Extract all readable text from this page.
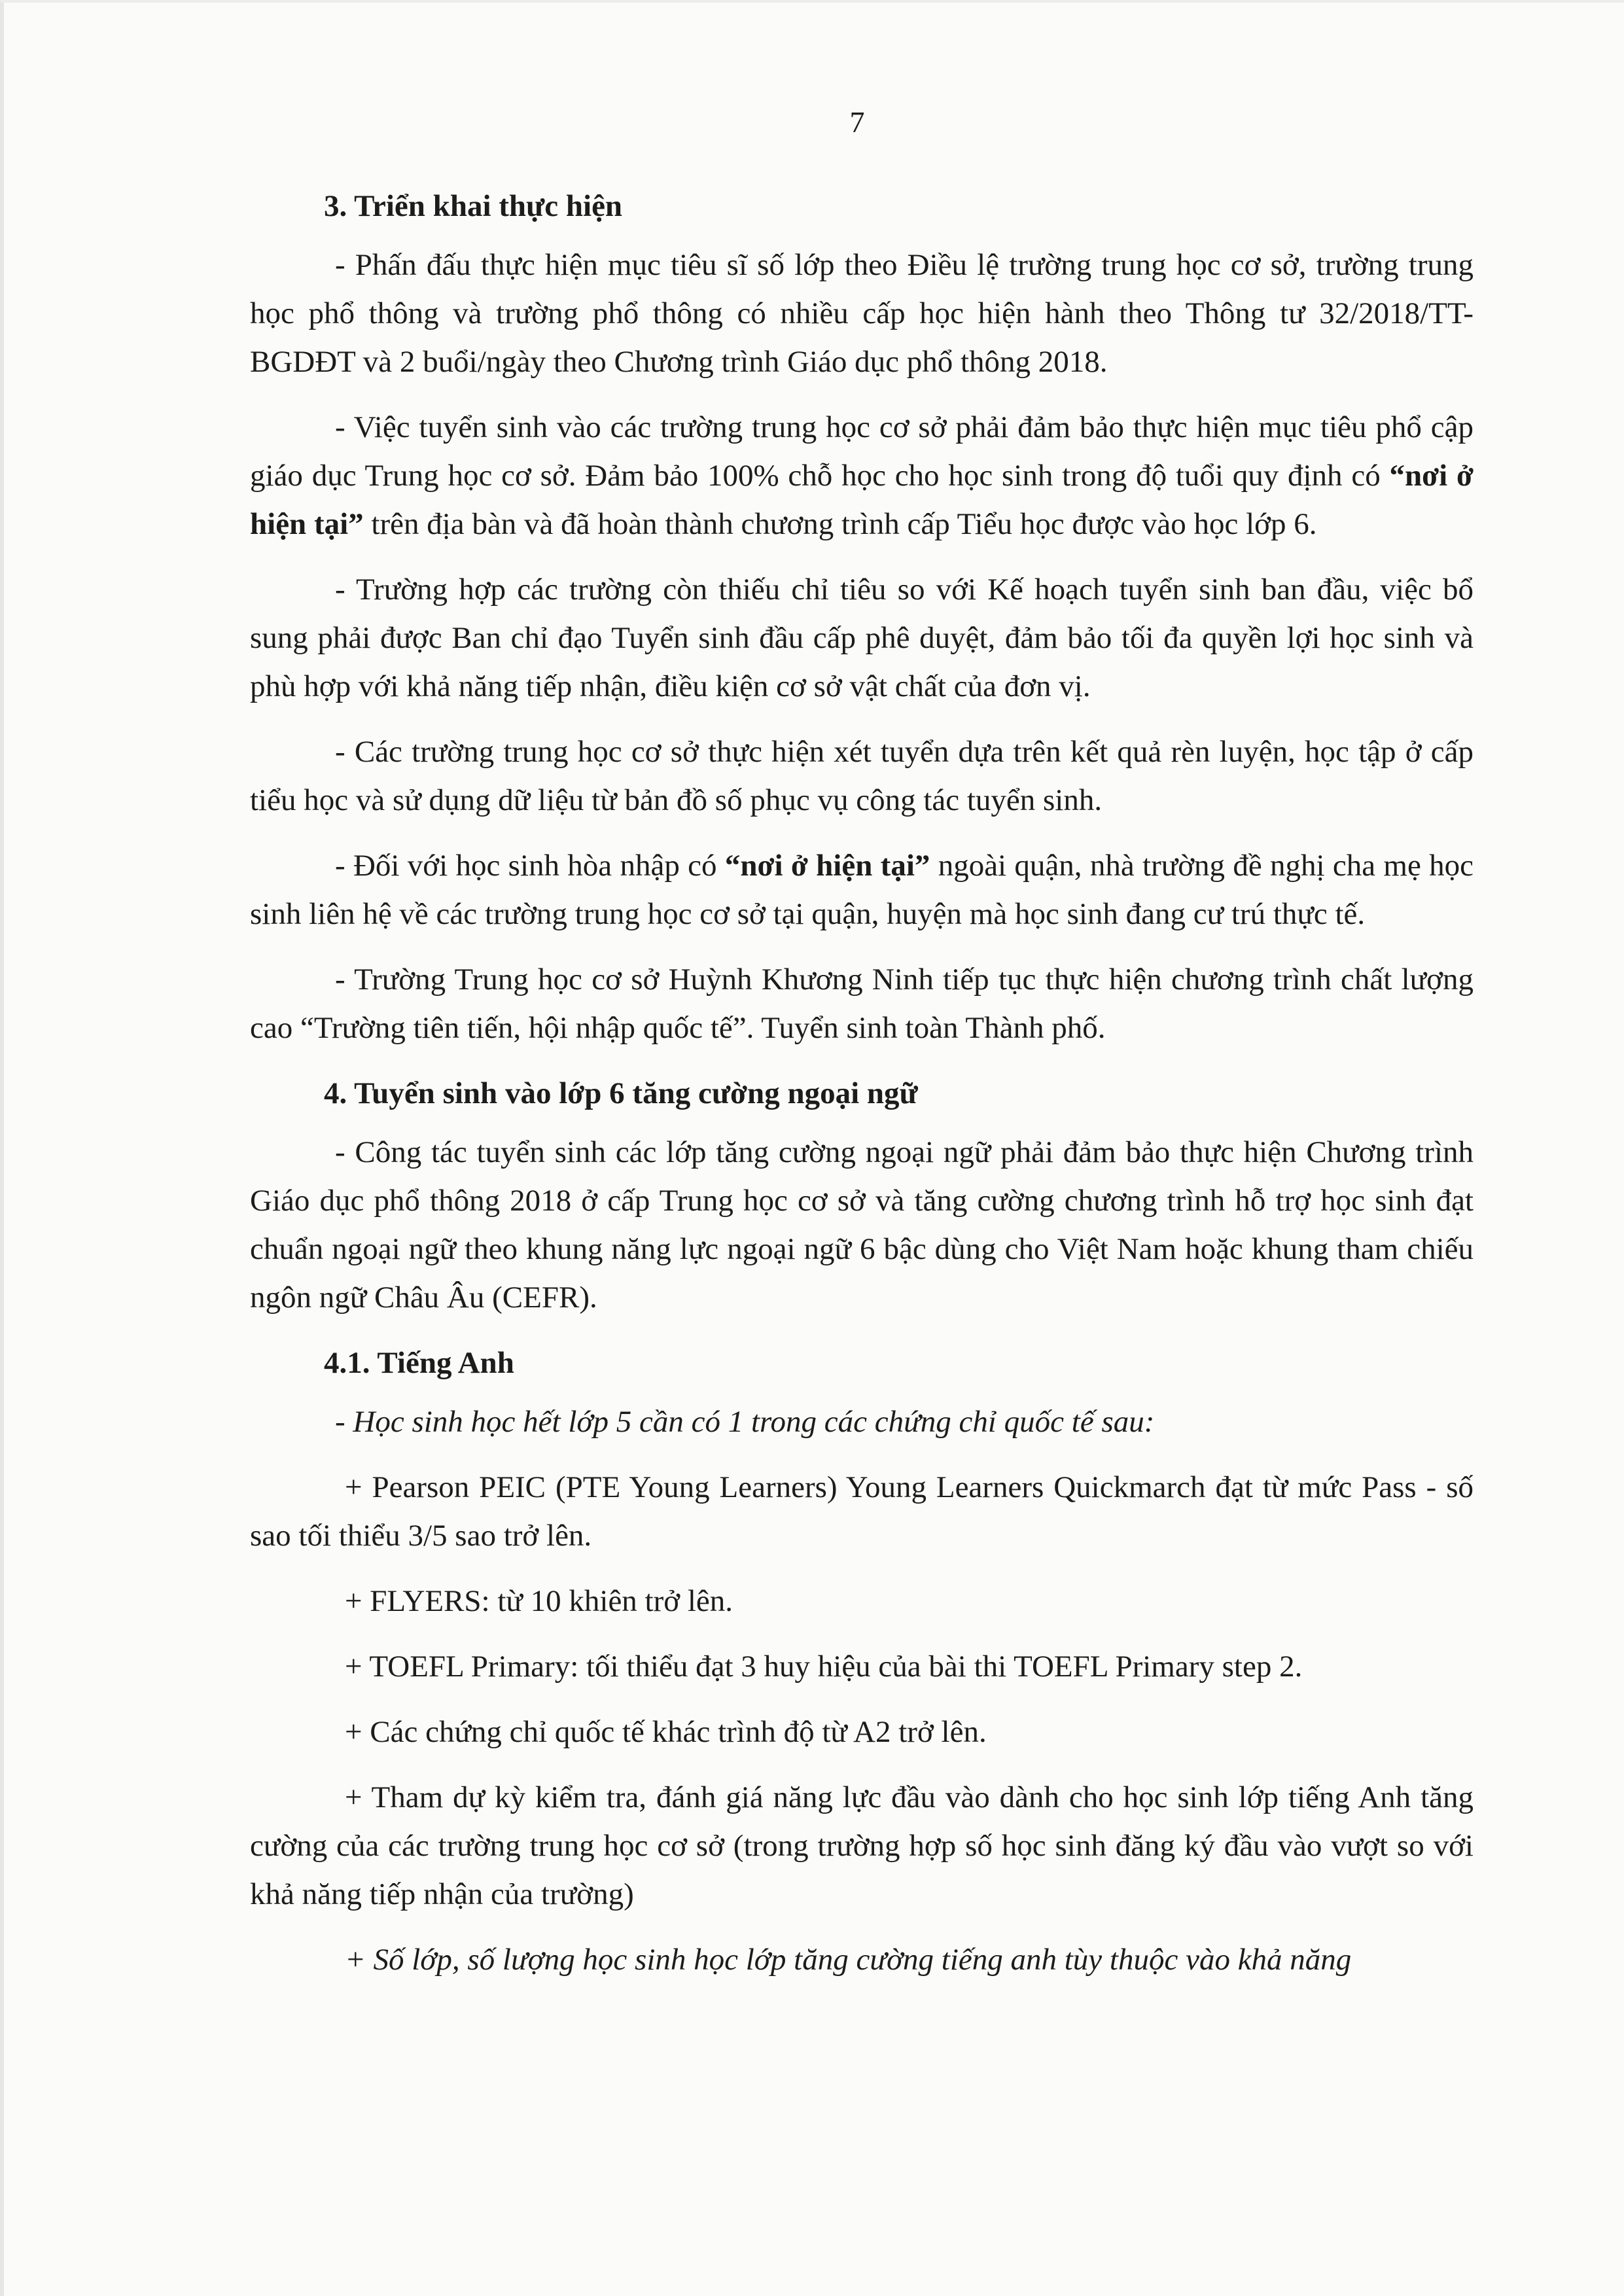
7

3. Triển khai thực hiện

- Phấn đấu thực hiện mục tiêu sĩ số lớp theo Điều lệ trường trung học cơ sở, trường trung học phổ thông và trường phổ thông có nhiều cấp học hiện hành theo Thông tư 32/2018/TT-BGDĐT và 2 buổi/ngày theo Chương trình Giáo dục phổ thông 2018.

- Việc tuyển sinh vào các trường trung học cơ sở phải đảm bảo thực hiện mục tiêu phổ cập giáo dục Trung học cơ sở. Đảm bảo 100% chỗ học cho học sinh trong độ tuổi quy định có “nơi ở hiện tại” trên địa bàn và đã hoàn thành chương trình cấp Tiểu học được vào học lớp 6.

- Trường hợp các trường còn thiếu chỉ tiêu so với Kế hoạch tuyển sinh ban đầu, việc bổ sung phải được Ban chỉ đạo Tuyển sinh đầu cấp phê duyệt, đảm bảo tối đa quyền lợi học sinh và phù hợp với khả năng tiếp nhận, điều kiện cơ sở vật chất của đơn vị.

- Các trường trung học cơ sở thực hiện xét tuyển dựa trên kết quả rèn luyện, học tập ở cấp tiểu học và sử dụng dữ liệu từ bản đồ số phục vụ công tác tuyển sinh.

- Đối với học sinh hòa nhập có “nơi ở hiện tại” ngoài quận, nhà trường đề nghị cha mẹ học sinh liên hệ về các trường trung học cơ sở tại quận, huyện mà học sinh đang cư trú thực tế.

- Trường Trung học cơ sở Huỳnh Khương Ninh tiếp tục thực hiện chương trình chất lượng cao “Trường tiên tiến, hội nhập quốc tế”. Tuyển sinh toàn Thành phố.

4. Tuyển sinh vào lớp 6 tăng cường ngoại ngữ

- Công tác tuyển sinh các lớp tăng cường ngoại ngữ phải đảm bảo thực hiện Chương trình Giáo dục phổ thông 2018 ở cấp Trung học cơ sở và tăng cường chương trình hỗ trợ học sinh đạt chuẩn ngoại ngữ theo khung năng lực ngoại ngữ 6 bậc dùng cho Việt Nam hoặc khung tham chiếu ngôn ngữ Châu Âu (CEFR).

4.1. Tiếng Anh

- Học sinh học hết lớp 5 cần có 1 trong các chứng chỉ quốc tế sau:

+ Pearson PEIC (PTE Young Learners) Young Learners Quickmarch đạt từ mức Pass - số sao tối thiểu 3/5 sao trở lên.

+ FLYERS: từ 10 khiên trở lên.

+ TOEFL Primary: tối thiểu đạt 3 huy hiệu của bài thi TOEFL Primary step 2.

+ Các chứng chỉ quốc tế khác trình độ từ A2 trở lên.

+ Tham dự kỳ kiểm tra, đánh giá năng lực đầu vào dành cho học sinh lớp tiếng Anh tăng cường của các trường trung học cơ sở (trong trường hợp số học sinh đăng ký đầu vào vượt so với khả năng tiếp nhận của trường)

+ Số lớp, số lượng học sinh học lớp tăng cường tiếng anh tùy thuộc vào khả năng
